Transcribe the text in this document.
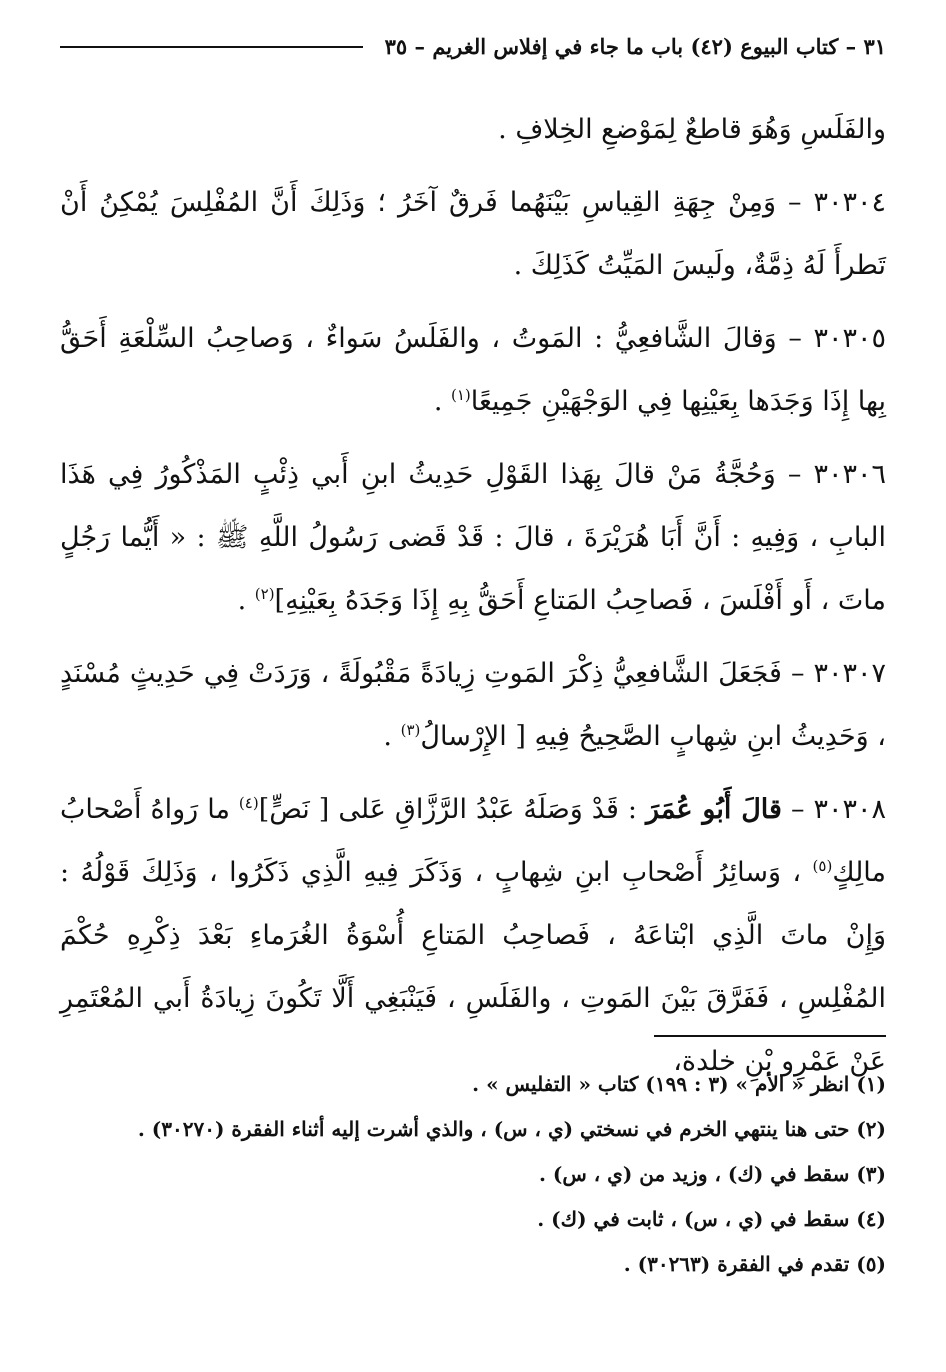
٣١ – كتاب البيوع (٤٢) باب ما جاء في إفلاس الغريم – ٣٥

والفَلَسِ وَهُوَ قاطعٌ لِمَوْضعِ الخِلافِ .

٣٠٣٠٤ – وَمِنْ جِهَةِ القِياسِ بَيْنَهُما فَرقٌ آخَرُ ؛ وَذَلِكَ أَنَّ المُفْلِسَ يُمْكِنُ أَنْ تَطرأَ لَهُ ذِمَّةٌ، ولَيسَ المَيِّتُ كَذَلِكَ .

٣٠٣٠٥ – وَقالَ الشَّافعِيُّ : المَوتُ ، والفَلَسُ سَواءٌ ، وَصاحِبُ السِّلْعَةِ أَحَقُّ بِها إِذَا وَجَدَها بِعَيْنِها فِي الوَجْهَيْنِ جَمِيعًا$^{(١)}$ .

٣٠٣٠٦ – وَحُجَّةُ مَنْ قالَ بِهَذا القَوْلِ حَدِيثُ ابنِ أَبي ذِئْبٍ المَذْكُورُ فِي هَذَا البابِ ، وَفِيهِ : أَنَّ أَبَا هُرَيْرَةَ ، قالَ : قَدْ قَضى رَسُولُ اللَّهِ ﷺ : « أَيُّما رَجُلٍ ماتَ ، أَو أَفْلَسَ ، فَصاحِبُ المَتاعِ أَحَقُّ بِهِ إِذَا وَجَدَهُ بِعَيْنِهِ]$^{(٢)}$ .

٣٠٣٠٧ – فَجَعَلَ الشَّافعِيُّ ذِكْرَ المَوتِ زِيادَةً مَقْبُولَةً ، وَرَدَتْ فِي حَدِيثٍ مُسْنَدٍ ، وَحَدِيثُ ابنِ شِهابٍ الصَّحِيحُ فِيهِ [ الإِرْسالُ$^{(٣)}$ .

٣٠٣٠٨ – قالَ أَبُو عُمَرَ : قَدْ وَصَلَهُ عَبْدُ الرَّزَّاقِ عَلى [ نَصٍّ]$^{(٤)}$ ما رَواهُ أَصْحابُ مالِكٍ$^{(٥)}$ ، وَسائِرُ أَصْحابِ ابنِ شِهابٍ ، وَذَكَرَ فِيهِ الَّذِي ذَكَرُوا ، وَذَلِكَ قَوْلُهُ : وَإِنْ ماتَ الَّذِي ابْتاعَهُ ، فَصاحِبُ المَتاعِ أُسْوَةُ الغُرَماءِ بَعْدَ ذِكْرِهِ حُكْمَ المُفْلِسِ ، فَفَرَّقَ بَيْنَ المَوتِ ، والفَلَسِ ، فَيَنْبَغِي أَلَّا تَكُونَ زِيادَةُ أَبي المُعْتَمِرِ عَنْ عَمْرِو بْنِ خلدة،

(١) انظر « الأم » (٣ : ١٩٩) كتاب « التفليس » .
(٢) حتى هنا ينتهي الخرم في نسختي (ي ، س) ، والذي أشرت إليه أثناء الفقرة (٣٠٢٧٠) .
(٣) سقط في (ك) ، وزيد من (ي ، س) .
(٤) سقط في (ي ، س) ، ثابت في (ك) .
(٥) تقدم في الفقرة (٣٠٢٦٣) .
